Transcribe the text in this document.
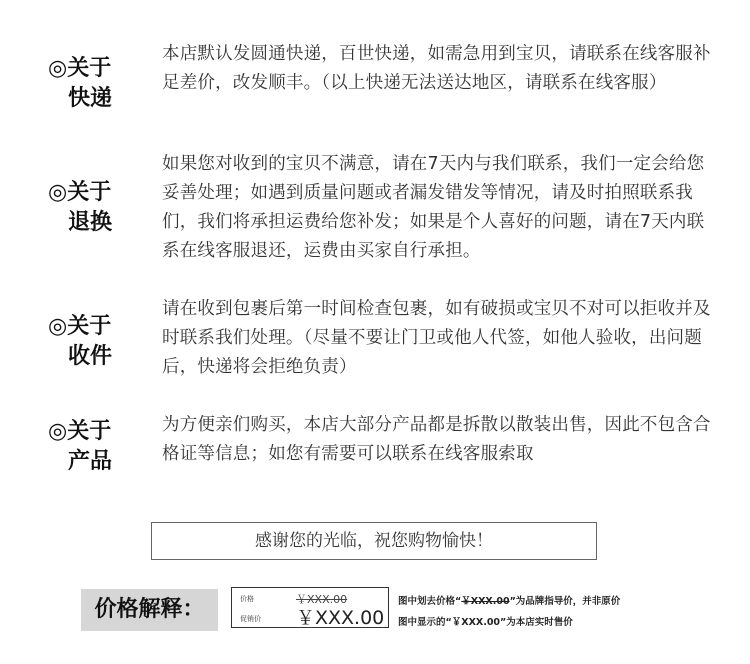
◎关于
快递
本店默认发圆通快递，百世快递，如需急用到宝贝，请联系在线客服补足差价，改发顺丰。（以上快递无法送达地区，请联系在线客服）
◎关于
退换
如果您对收到的宝贝不满意，请在7天内与我们联系，我们一定会给您妥善处理；如遇到质量问题或者漏发错发等情况，请及时拍照联系我们，我们将承担运费给您补发；如果是个人喜好的问题，请在7天内联系在线客服退还，运费由买家自行承担。
◎关于
收件
请在收到包裹后第一时间检查包裹，如有破损或宝贝不对可以拒收并及时联系我们处理。（尽量不要让门卫或他人代签，如他人验收，出问题后，快递将会拒绝负责）
◎关于
产品
为方便亲们购买，本店大部分产品都是拆散以散装出售，因此不包含合格证等信息；如您有需要可以联系在线客服索取
感谢您的光临，祝您购物愉快！
价格解释：	价格	￥XXX.00
促销价 ￥XXX.00
图中划去价格“￥XXX.00”为品牌指导价，并非原价
图中显示的“￥XXX.00”为本店实时售价
